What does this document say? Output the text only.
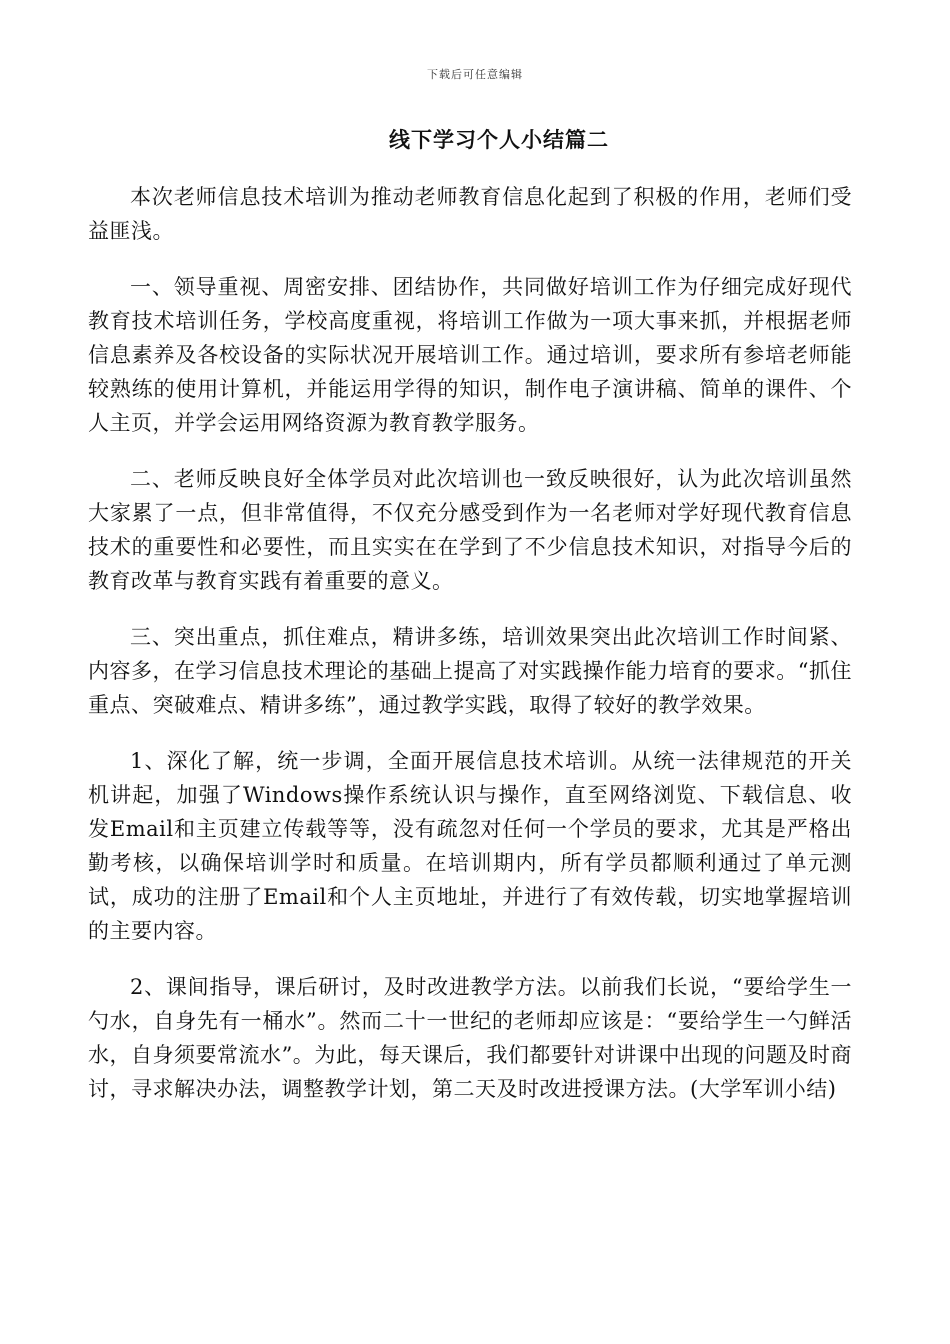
下载后可任意编辑
线下学习个人小结篇二

本次老师信息技术培训为推动老师教育信息化起到了积极的作用，老师们受益匪浅。

一、领导重视、周密安排、团结协作，共同做好培训工作为仔细完成好现代教育技术培训任务，学校高度重视，将培训工作做为一项大事来抓，并根据老师信息素养及各校设备的实际状况开展培训工作。通过培训，要求所有参培老师能较熟练的使用计算机，并能运用学得的知识，制作电子演讲稿、简单的课件、个人主页，并学会运用网络资源为教育教学服务。

二、老师反映良好全体学员对此次培训也一致反映很好，认为此次培训虽然大家累了一点，但非常值得，不仅充分感受到作为一名老师对学好现代教育信息技术的重要性和必要性，而且实实在在学到了不少信息技术知识，对指导今后的教育改革与教育实践有着重要的意义。

三、突出重点，抓住难点，精讲多练，培训效果突出此次培训工作时间紧、内容多，在学习信息技术理论的基础上提高了对实践操作能力培育的要求。“抓住重点、突破难点、精讲多练”，通过教学实践，取得了较好的教学效果。

1、深化了解，统一步调，全面开展信息技术培训。从统一法律规范的开关机讲起，加强了Windows操作系统认识与操作，直至网络浏览、下载信息、收发Email和主页建立传载等等，没有疏忽对任何一个学员的要求，尤其是严格出勤考核，以确保培训学时和质量。在培训期内，所有学员都顺利通过了单元测试，成功的注册了Email和个人主页地址，并进行了有效传载，切实地掌握培训的主要内容。

2、课间指导，课后研讨，及时改进教学方法。以前我们长说，“要给学生一勺水，自身先有一桶水”。然而二十一世纪的老师却应该是：“要给学生一勺鲜活水，自身须要常流水”。为此，每天课后，我们都要针对讲课中出现的问题及时商讨，寻求解决办法，调整教学计划，第二天及时改进授课方法。(大学军训小结)
